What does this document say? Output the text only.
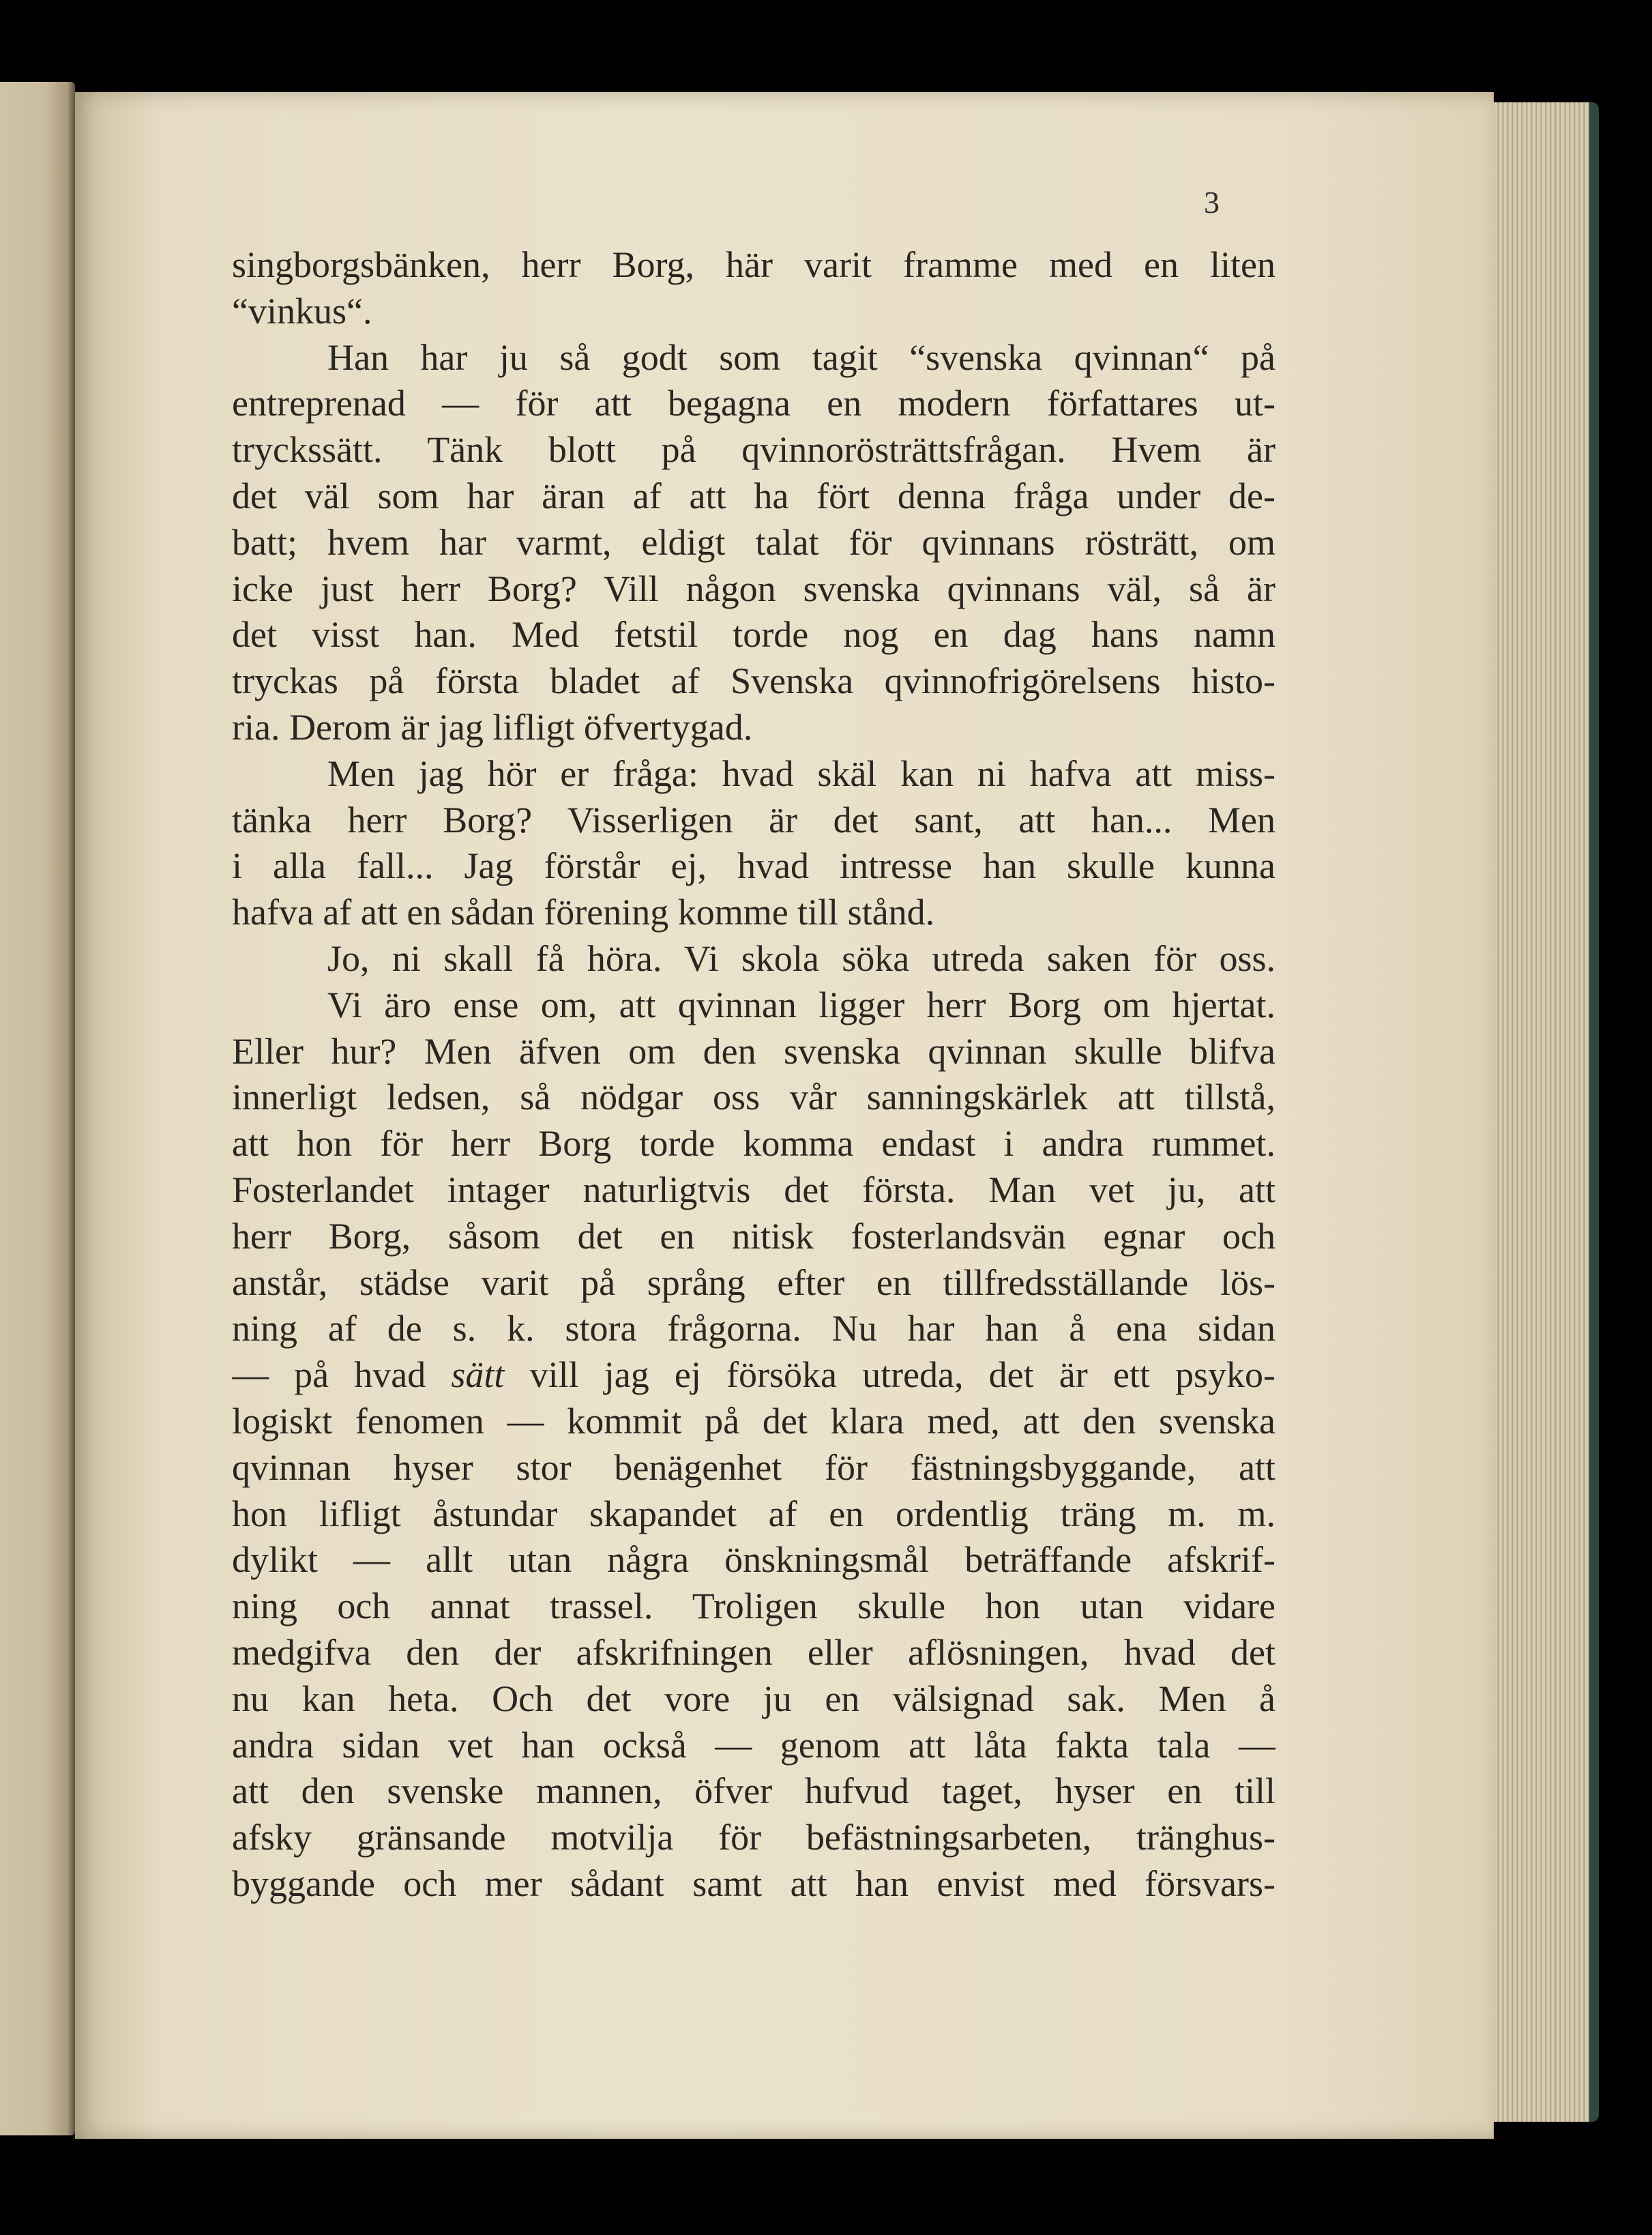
3

singborgsbänken, herr Borg, här varit framme med en liten
“vinkus“.
Han har ju så godt som tagit “svenska qvinnan“ på
entreprenad — för att begagna en modern författares ut-
tryckssätt. Tänk blott på qvinnorösträttsfrågan. Hvem är
det väl som har äran af att ha fört denna fråga under de-
batt; hvem har varmt, eldigt talat för qvinnans rösträtt, om
icke just herr Borg? Vill någon svenska qvinnans väl, så är
det visst han. Med fetstil torde nog en dag hans namn
tryckas på första bladet af Svenska qvinnofrigörelsens histo-
ria. Derom är jag lifligt öfvertygad.
Men jag hör er fråga: hvad skäl kan ni hafva att miss-
tänka herr Borg? Visserligen är det sant, att han... Men
i alla fall... Jag förstår ej, hvad intresse han skulle kunna
hafva af att en sådan förening komme till stånd.
Jo, ni skall få höra. Vi skola söka utreda saken för oss.
Vi äro ense om, att qvinnan ligger herr Borg om hjertat.
Eller hur? Men äfven om den svenska qvinnan skulle blifva
innerligt ledsen, så nödgar oss vår sanningskärlek att tillstå,
att hon för herr Borg torde komma endast i andra rummet.
Fosterlandet intager naturligtvis det första. Man vet ju, att
herr Borg, såsom det en nitisk fosterlandsvän egnar och
anstår, städse varit på språng efter en tillfredsställande lös-
ning af de s. k. stora frågorna. Nu har han å ena sidan
— på hvad sätt vill jag ej försöka utreda, det är ett psyko-
logiskt fenomen — kommit på det klara med, att den svenska
qvinnan hyser stor benägenhet för fästningsbyggande, att
hon lifligt åstundar skapandet af en ordentlig träng m. m.
dylikt — allt utan några önskningsmål beträffande afskrif-
ning och annat trassel. Troligen skulle hon utan vidare
medgifva den der afskrifningen eller aflösningen, hvad det
nu kan heta. Och det vore ju en välsignad sak. Men å
andra sidan vet han också — genom att låta fakta tala —
att den svenske mannen, öfver hufvud taget, hyser en till
afsky gränsande motvilja för befästningsarbeten, tränghus-
byggande och mer sådant samt att han envist med försvars-
